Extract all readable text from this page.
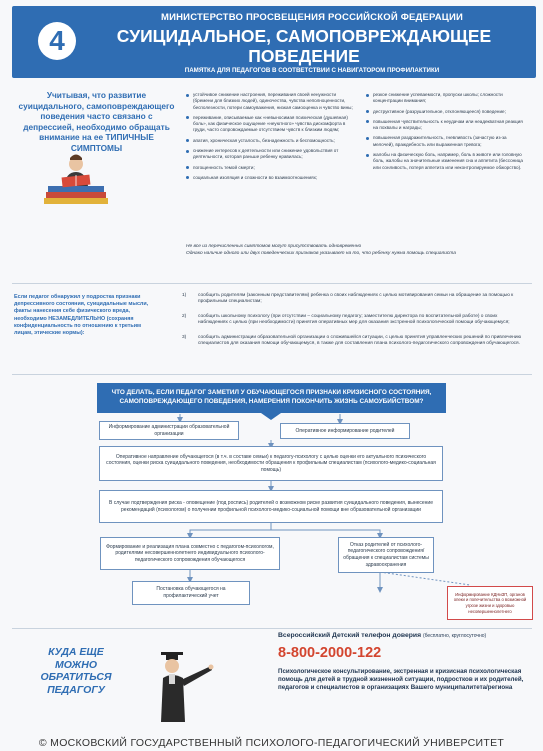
4
МИНИСТЕРСТВО ПРОСВЕЩЕНИЯ РОССИЙСКОЙ ФЕДЕРАЦИИ
СУИЦИДАЛЬНОЕ, САМОПОВРЕЖДАЮЩЕЕ
ПОВЕДЕНИЕ
ПАМЯТКА ДЛЯ ПЕДАГОГОВ В СООТВЕТСТВИИ С НАВИГАТОРОМ ПРОФИЛАКТИКИ
Учитывая, что развитие суицидального, самоповреждающего поведения часто связано с депрессией, необходимо обращать внимание на ее ТИПИЧНЫЕ СИМПТОМЫ
устойчивое снижение настроения, переживания своей ненужности (бремени для близких людей), одиночества, чувства неполноценности, бесполезности, потери самоуважения, низкая самооценка и чувство вины;
переживание, описываемые как «невыносимая психическая (душевная) боль», как физическое ощущение «неуютного» чувства дискомфорта в груди, часто сопровождаемые отсутствием чувств к близким людям;
апатия, хроническая усталость, безнадежность и беспомощность;
снижение интересов к деятельности или снижение удовольствия от деятельности, которая раньше ребенку нравилась;
погощенность темой смерти;
социальная изоляция и сложности во взаимоотношениях;
резкое снижение успеваемости, пропуски школы; сложности концентрации внимания;
деструктивное (разрушительное, отклоняющееся) поведение;
повышенная чувствительность к неудачам или неадекватная реакция на похвалы и награды;
повышенная раздражительность, гневливость (зачастую из-за мелочей), враждебность или выраженная тревога;
жалобы на физическую боль, например, боль в животе или головную боль, жалобы на значительные изменения сна и аппетита (бессоница или сонливость, потеря аппетита или неконтролируемое обжорство).
Не все из перечисленных симптомов могут присутствовать одновременно
Однако наличие одного или двух поведенческих признаков указывает на то, что ребенку нужна помощь специалиста
Если педагог обнаружил у подростка признаки депрессивного состояния, суицидальные мысли, факты нанесения себе физического вреда, необходимо НЕЗАМЕДЛИТЕЛЬНО (сохраняя конфиденциальность по отношению к третьим лицам, этические нормы):
1) сообщить родителям (законным представителям) ребенка о своих наблюдениях с целью мотивирования семьи на обращение за помощью к профильным специалистам;
2) сообщить школьному психологу (при отсутствии – социальному педагогу; заместителю директора по воспитательной работе) о своих наблюдениях с целью (при необходимости) принятия оперативных мер для оказания экстренной психологической помощи обучающемуся;
3) сообщить администрации образовательной организации о сложившейся ситуации, с целью принятия управленческих решений по привлечению специалистов для оказания помощи обучающемуся, в также для составления плана психолого-педагогического сопровождения обучающегося.
ЧТО ДЕЛАТЬ, ЕСЛИ ПЕДАГОГ ЗАМЕТИЛ У ОБУЧАЮЩЕГОСЯ ПРИЗНАКИ КРИЗИСНОГО СОСТОЯНИЯ, САМОПОВРЕЖДАЮЩЕГО ПОВЕДЕНИЯ, НАМЕРЕНИЯ ПОКОНЧИТЬ ЖИЗНЬ САМОУБИЙСТВОМ?
Информирование администрации образовательной организации	Оперативное информирование родителей
Оперативное направление обучающегося (в т.ч. в составе семьи) к педагогу-психологу с целью оценки его актуального психического состояния, оценки риска суицидального поведения, необходимости обращения к профильным специалистам (психолого-медико-социальная помощь)
В случае подтверждения риска - оповещение (под роспись) родителей о возможном риске развития суицидального поведения, вынесение рекомендаций (психологом) о получении профильной психолого-медико-социальной помощи вне образовательной организации
Формирование и реализация плана совместно с педагогом-психологом, родителями несовершеннолетнего индивидуального психолого-педагогического сопровождения обучающегося
Отказ родителей от психолого-педагогического сопровождения/обращения к специалистам системы здравоохранения
Информирование КДНиЗП, органов опеки и попечительства о возможной угрозе жизни и здоровью несовершеннолетнего
Постановка обучающегося на профилактический учет
КУДА ЕЩЕ
МОЖНО
ОБРАТИТЬСЯ
ПЕДАГОГУ
Всероссийский Детский телефон доверия (бесплатно, круглосуточно)
8-800-2000-122
Психологическое консультирование, экстренная и кризисная психологическая помощь для детей в трудной жизненной ситуации, подростков и их родителей, педагогов и специалистов в организациях Вашего муниципалитета/региона
© МОСКОВСКИЙ ГОСУДАРСТВЕННЫЙ ПСИХОЛОГО-ПЕДАГОГИЧЕСКИЙ УНИВЕРСИТЕТ
